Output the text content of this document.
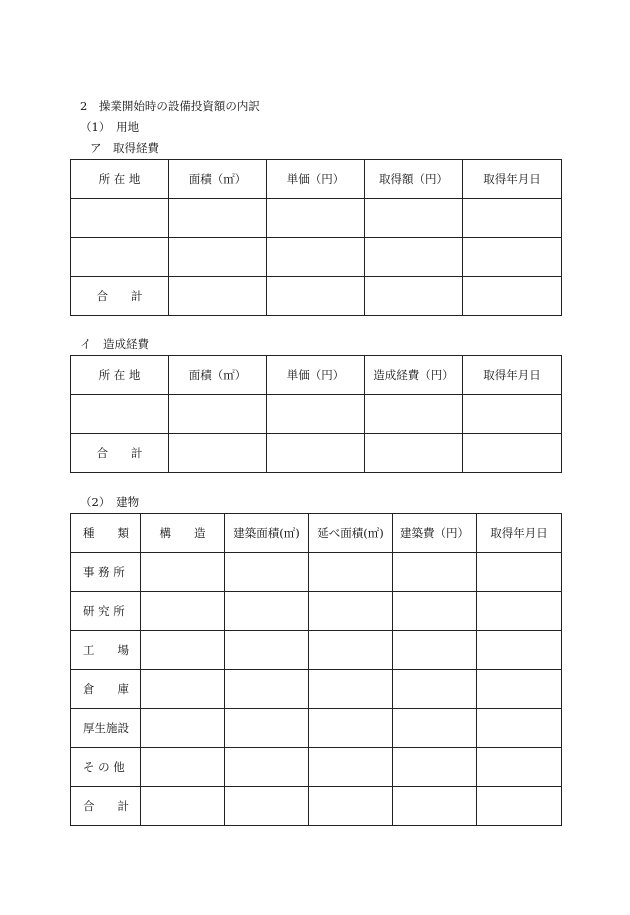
2　操業開始時の設備投資額の内訳
（1）　用地
ア　取得経費
所 在 地	面積（㎡）	単価（円）	取得額（円）	取得年月日

合　　計				
イ　造成経費
所 在 地	面積（㎡）	単価（円）	造成経費（円）	取得年月日

合　　計				
（2）　建物
種　　類	構　　造	建築面積(㎡)	延べ面積(㎡)	建築費（円）	取得年月日
事 務 所					
研 究 所					
工　　場					
倉　　庫					
厚生施設					
そ の 他					
合　　計					
